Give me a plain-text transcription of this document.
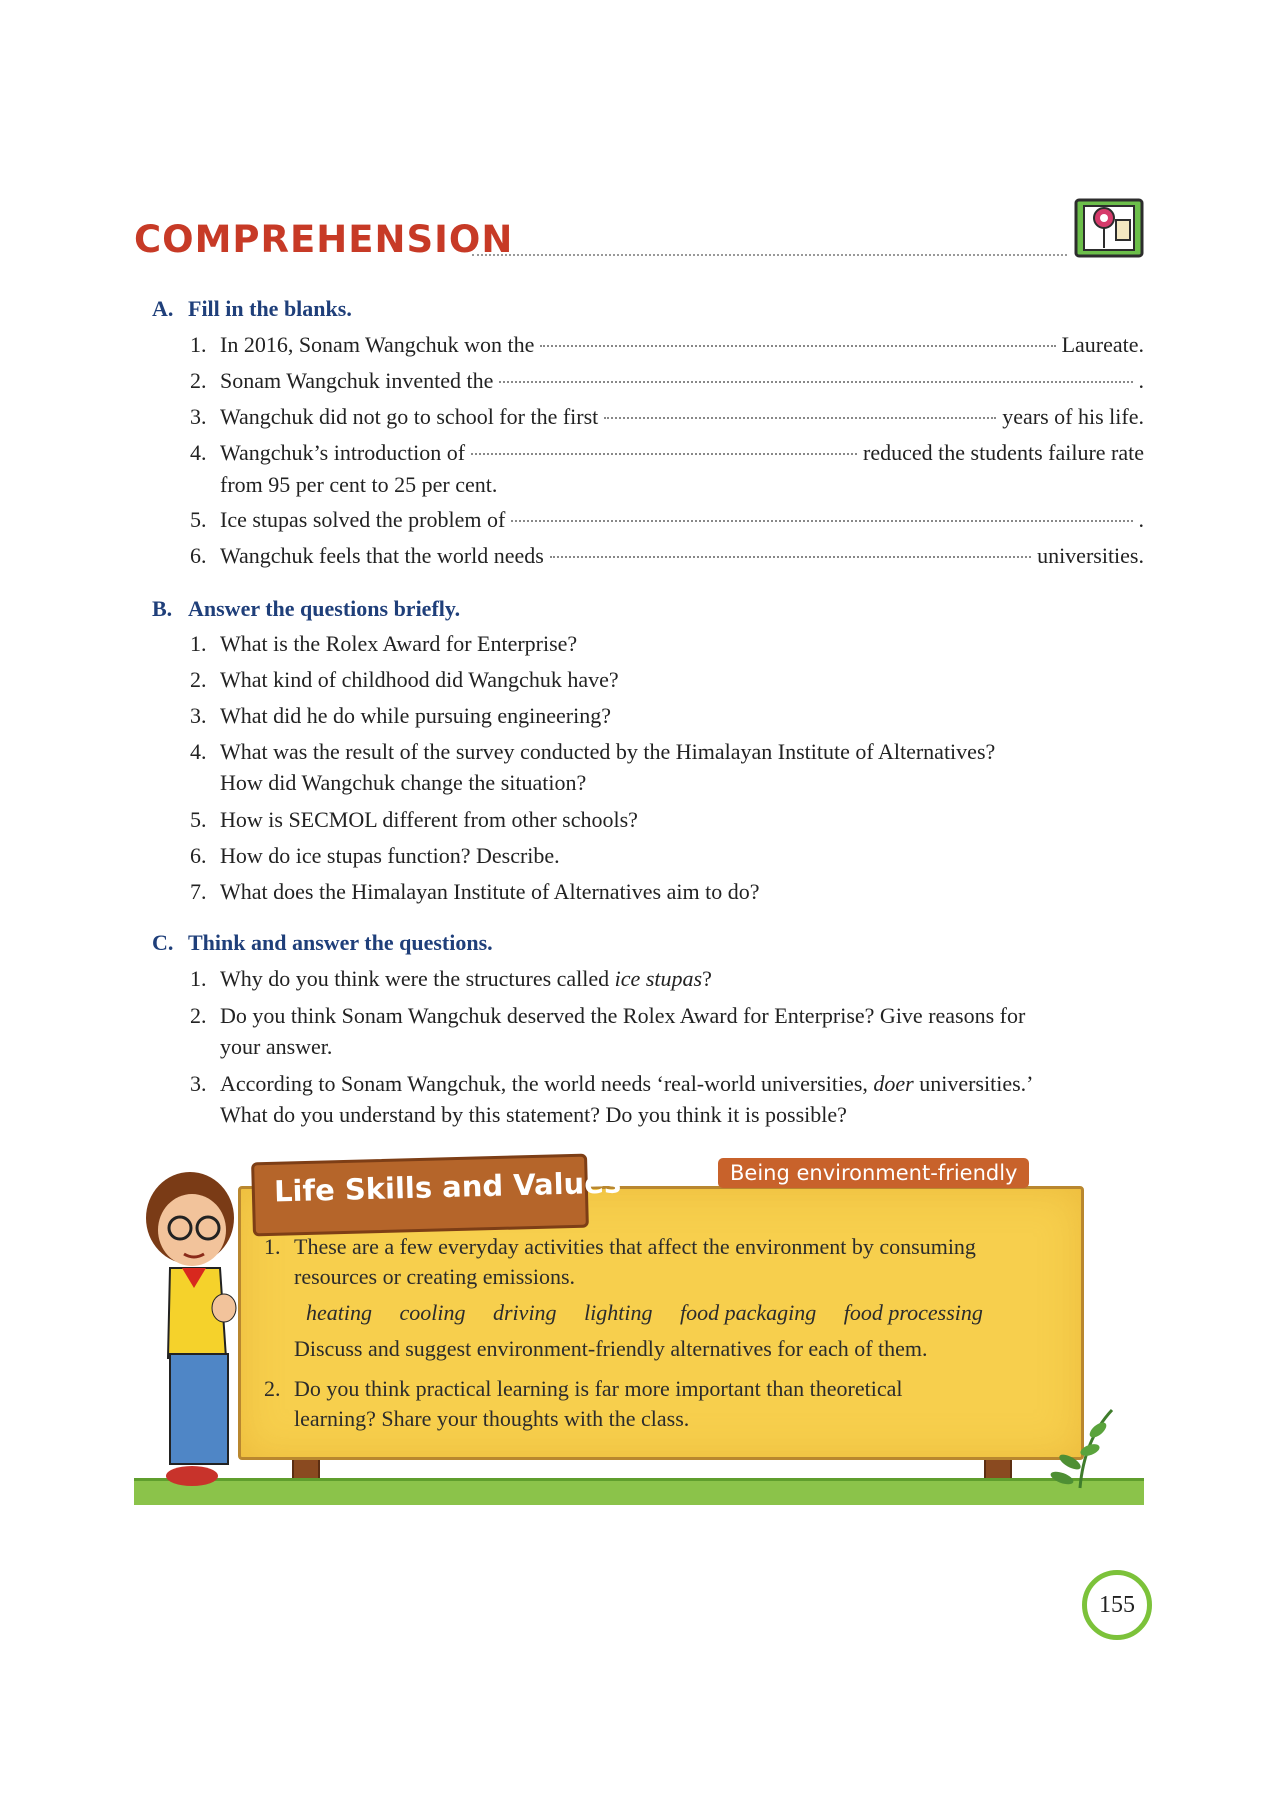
COMPREHENSION
A. Fill in the blanks.
1. In 2016, Sonam Wangchuk won the	Laureate.
2. Sonam Wangchuk invented the	.
3. Wangchuk did not go to school for the first	years of his life.
4. Wangchuk’s introduction of	reduced the students failure rate
from 95 per cent to 25 per cent.
5. Ice stupas solved the problem of	.
6. Wangchuk feels that the world needs	universities.
B. Answer the questions briefly.
1. What is the Rolex Award for Enterprise?
2. What kind of childhood did Wangchuk have?
3. What did he do while pursuing engineering?
4. What was the result of the survey conducted by the Himalayan Institute of Alternatives?
How did Wangchuk change the situation?
5. How is SECMOL different from other schools?
6. How do ice stupas function? Describe.
7. What does the Himalayan Institute of Alternatives aim to do?
C. Think and answer the questions.
1. Why do you think were the structures called ice stupas?
2. Do you think Sonam Wangchuk deserved the Rolex Award for Enterprise? Give reasons for
your answer.
3. According to Sonam Wangchuk, the world needs ‘real-world universities, doer universities.’
What do you understand by this statement? Do you think it is possible?
Life Skills and Values	Being environment-friendly
1. These are a few everyday activities that affect the environment by consuming
resources or creating emissions.
heating cooling driving lighting food packaging food processing
Discuss and suggest environment-friendly alternatives for each of them.
2. Do you think practical learning is far more important than theoretical
learning? Share your thoughts with the class.
155
